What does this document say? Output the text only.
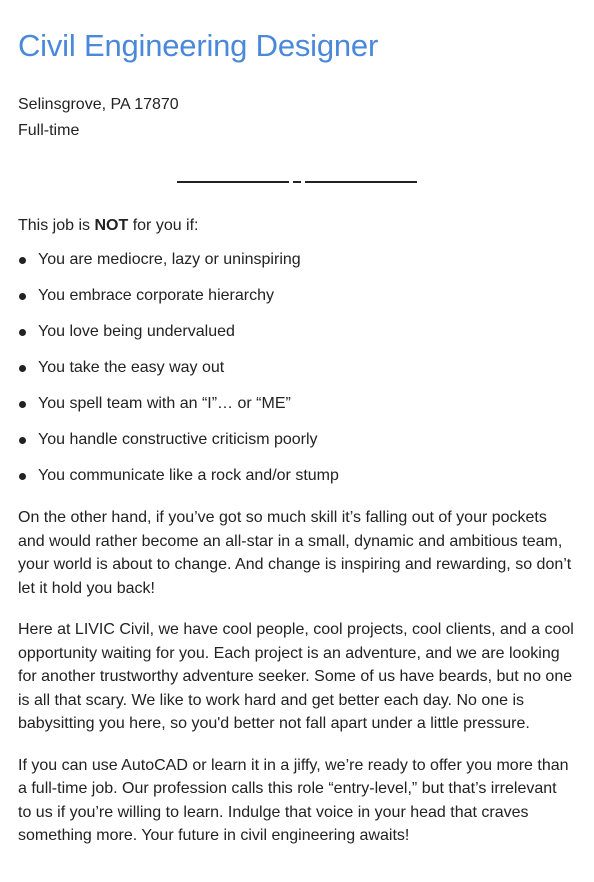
Civil Engineering Designer
Selinsgrove, PA 17870
Full-time
This job is NOT for you if:
You are mediocre, lazy or uninspiring
You embrace corporate hierarchy
You love being undervalued
You take the easy way out
You spell team with an “I”… or “ME”
You handle constructive criticism poorly
You communicate like a rock and/or stump

On the other hand, if you’ve got so much skill it’s falling out of your pockets and would rather become an all-star in a small, dynamic and ambitious team, your world is about to change. And change is inspiring and rewarding, so don’t let it hold you back!

Here at LIVIC Civil, we have cool people, cool projects, cool clients, and a cool opportunity waiting for you. Each project is an adventure, and we are looking for another trustworthy adventure seeker. Some of us have beards, but no one is all that scary. We like to work hard and get better each day. No one is babysitting you here, so you'd better not fall apart under a little pressure.

If you can use AutoCAD or learn it in a jiffy, we’re ready to offer you more than a full-time job. Our profession calls this role “entry-level,” but that’s irrelevant to us if you’re willing to learn. Indulge that voice in your head that craves something more. Your future in civil engineering awaits!
